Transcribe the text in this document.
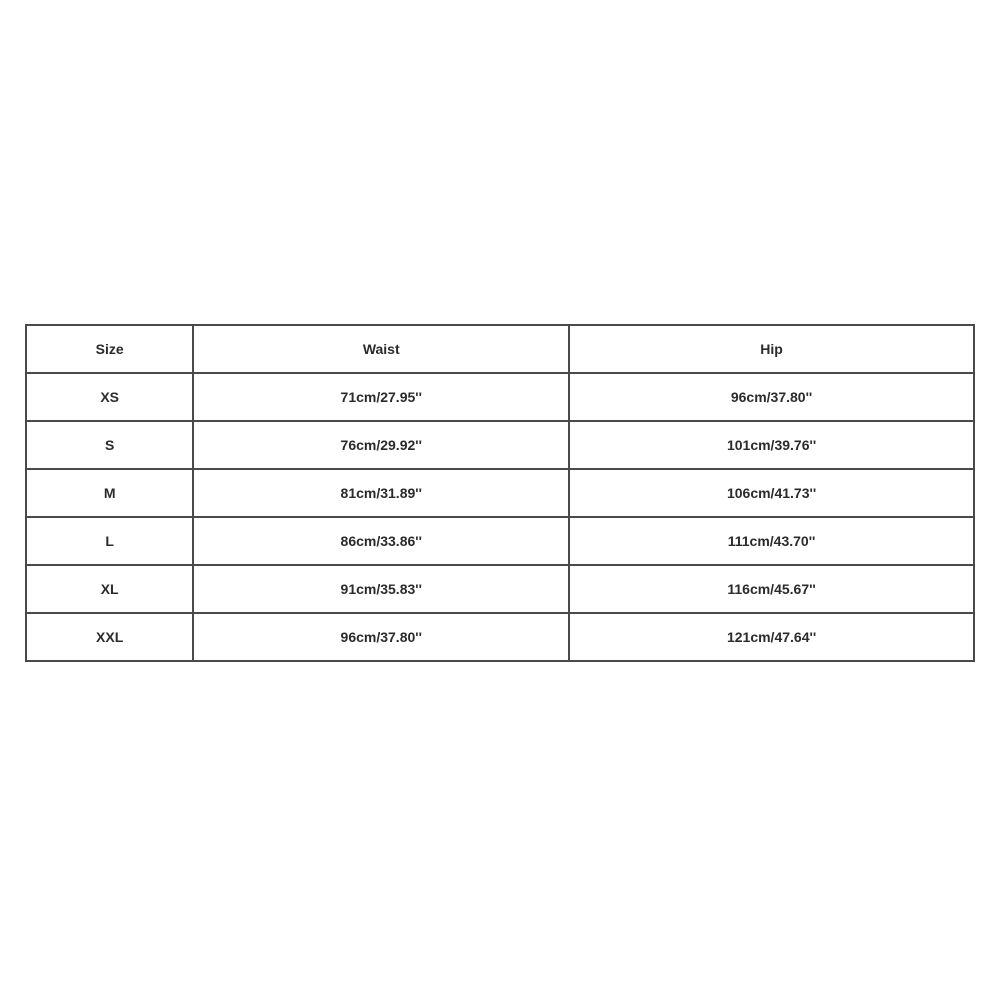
Size	Waist	Hip
XS	71cm/27.95''	96cm/37.80''
S	76cm/29.92''	101cm/39.76''
M	81cm/31.89''	106cm/41.73''
L	86cm/33.86''	111cm/43.70''
XL	91cm/35.83''	116cm/45.67''
XXL	96cm/37.80''	121cm/47.64''
